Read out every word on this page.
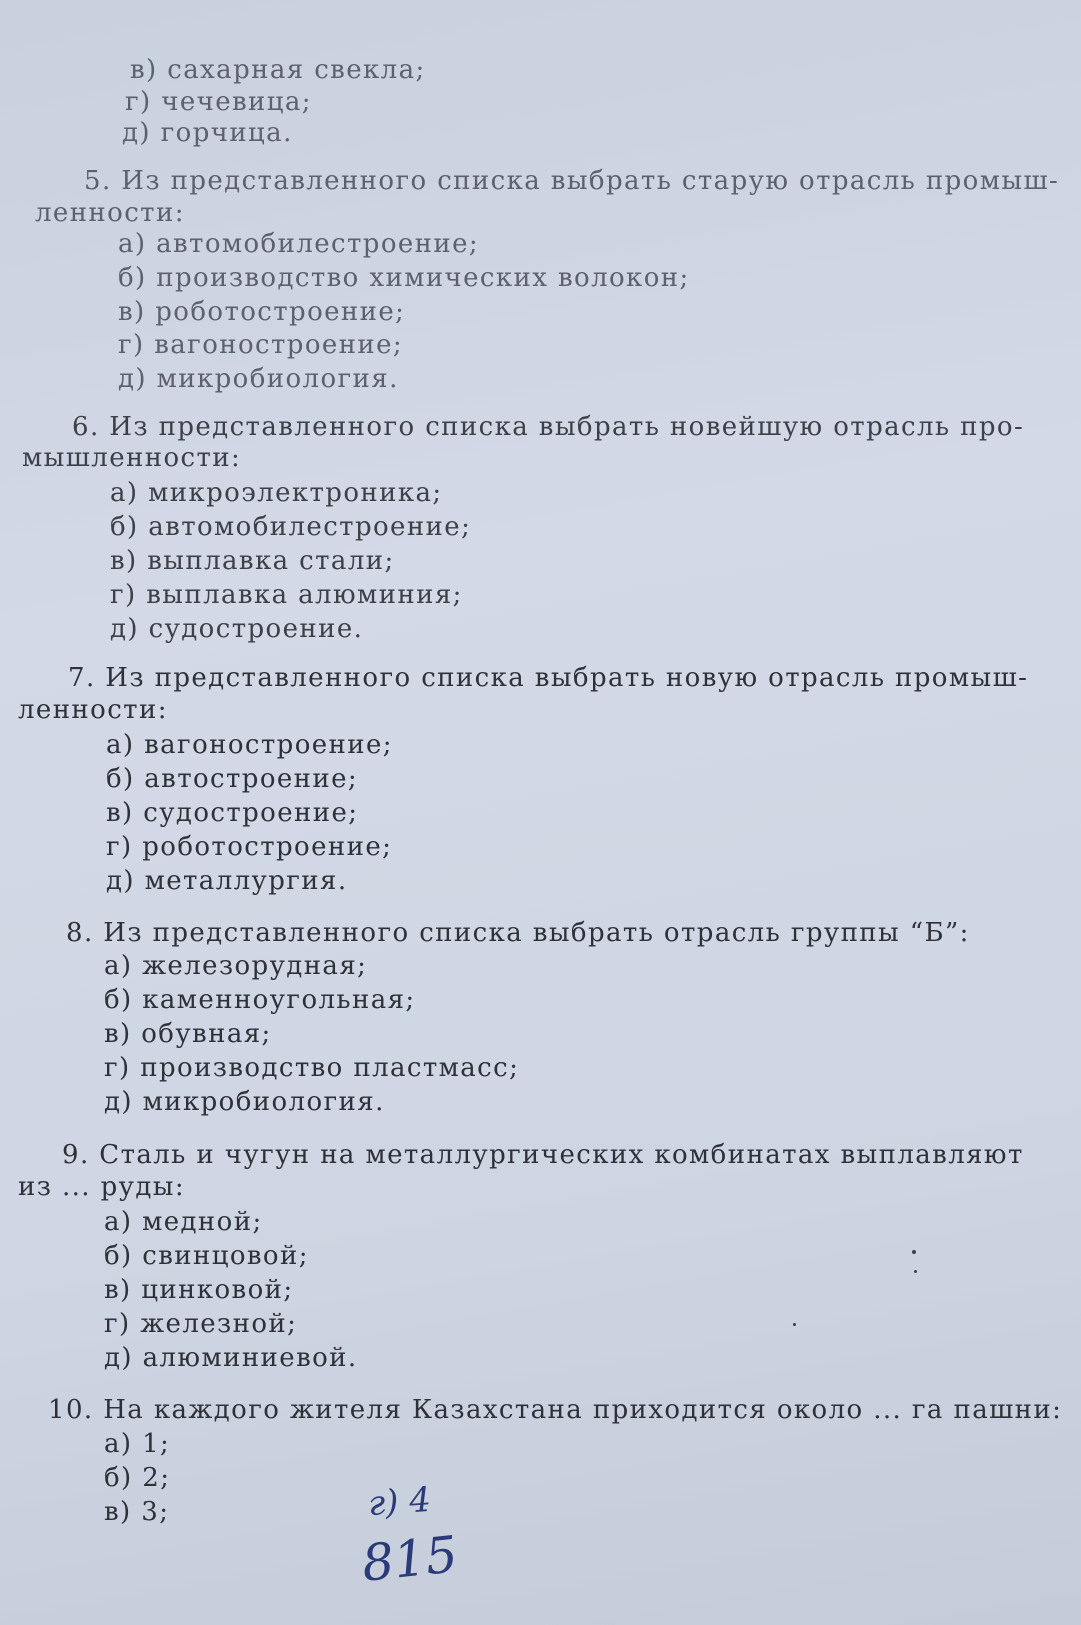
в) сахарная свекла;
г) чечевица;
д) горчица.
5. Из представленного списка выбрать старую отрасль промыш-
ленности:
а) автомобилестроение;
б) производство химических волокон;
в) роботостроение;
г) вагоностроение;
д) микробиология.
6. Из представленного списка выбрать новейшую отрасль про-
мышленности:
а) микроэлектроника;
б) автомобилестроение;
в) выплавка стали;
г) выплавка алюминия;
д) судостроение.
7. Из представленного списка выбрать новую отрасль промыш-
ленности:
а) вагоностроение;
б) автостроение;
в) судостроение;
г) роботостроение;
д) металлургия.
8. Из представленного списка выбрать отрасль группы “Б”:
а) железорудная;
б) каменноугольная;
в) обувная;
г) производство пластмасс;
д) микробиология.
9. Сталь и чугун на металлургических комбинатах выплавляют
из ... руды:
а) медной;
б) свинцовой;
в) цинковой;
г) железной;
д) алюминиевой.
10. На каждого жителя Казахстана приходится около ... га пашни:
а) 1;
б) 2;
в) 3;	г) 4
815
